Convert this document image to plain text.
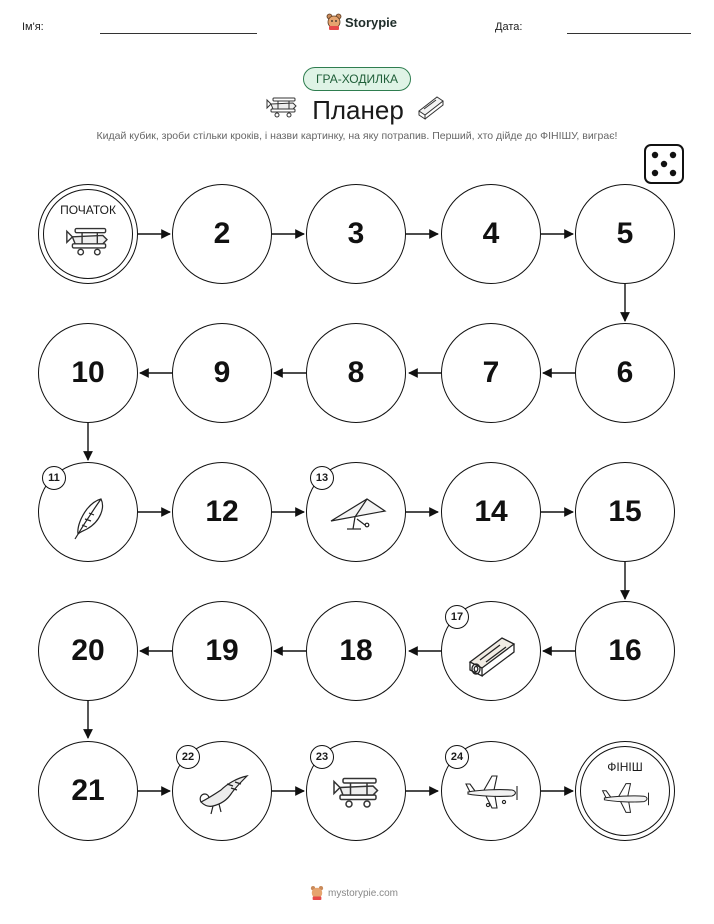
Ім'я:	Storypie	Дата:
ГРА-ХОДИЛКА
Планер
Кидай кубик, зроби стільки кроків, і назви картинку, на яку потрапив. Перший, хто дійде до ФІНІШУ, виграє!
ПОЧАТОК
2	3	4	5
10	9	8	7	6
11
12
13
14	15
20	19	18
17
16
21
22	23	24
ФІНІШ
mystorypie.com
